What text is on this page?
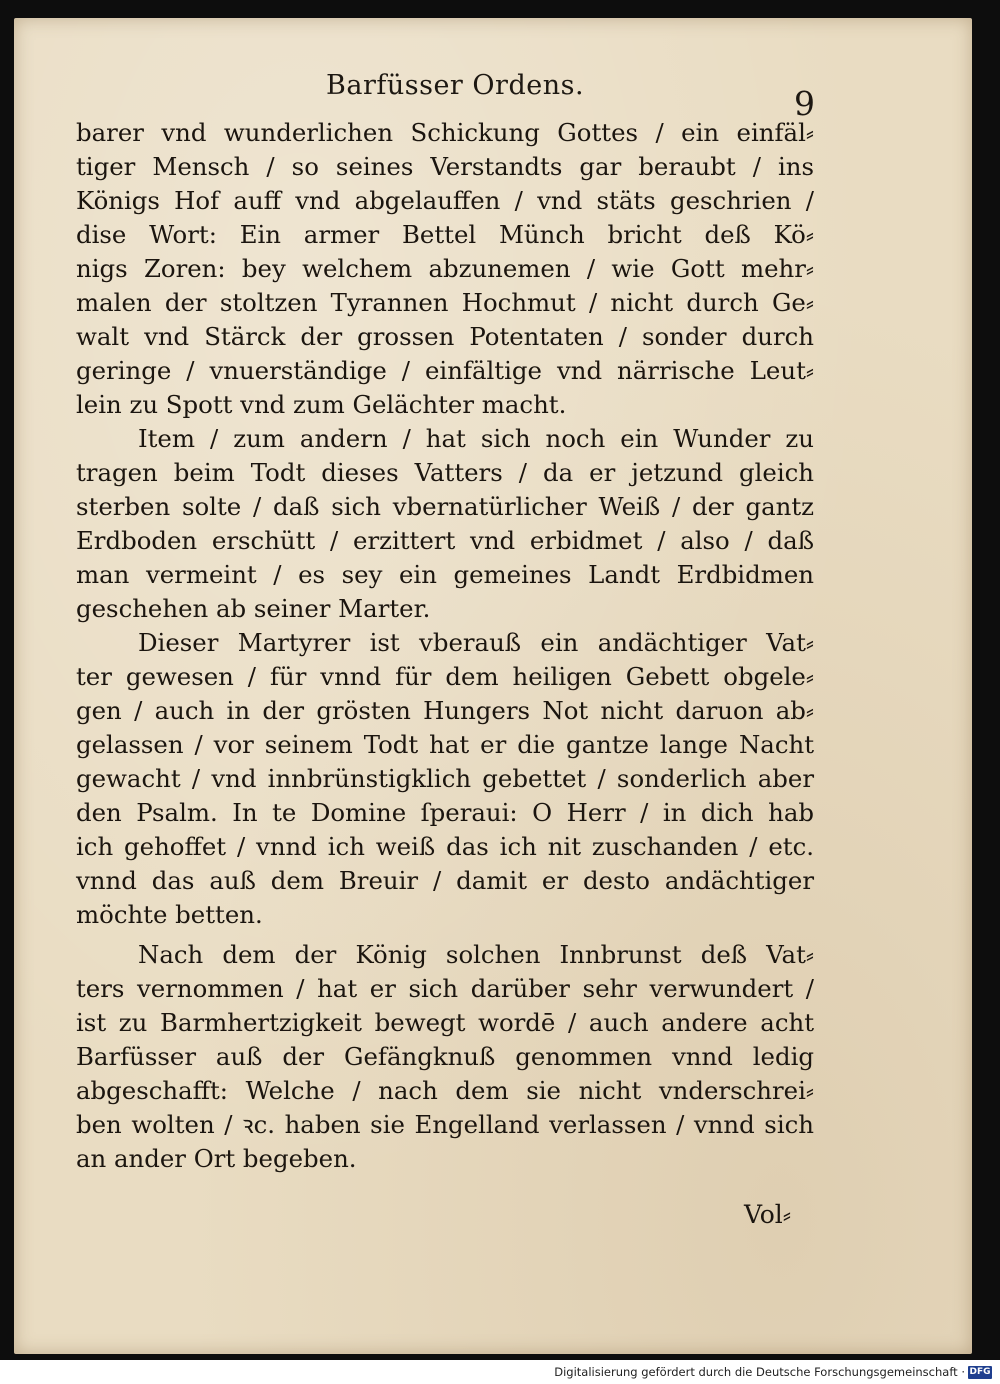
Barfüsser Ordens.	9
barer vnd wunderlichen Schickung Gottes / ein einfäl⸗
tiger Mensch / so seines Verstandts gar beraubt / ins
Königs Hof auff vnd abgelauffen / vnd stäts geschrien /
dise Wort: Ein armer Bettel Münch bricht deß Kö⸗
nigs Zoren: bey welchem abzunemen / wie Gott mehr⸗
malen der stoltzen Tyrannen Hochmut / nicht durch Ge⸗
walt vnd Stärck der grossen Potentaten / sonder durch
geringe / vnuerständige / einfältige vnd närrische Leut⸗
lein zu Spott vnd zum Gelächter macht.
Item / zum andern / hat sich noch ein Wunder zu
tragen beim Todt dieses Vatters / da er jetzund gleich
sterben solte / daß sich vbernatürlicher Weiß / der gantz
Erdboden erschütt / erzittert vnd erbidmet / also / daß
man vermeint / es sey ein gemeines Landt Erdbidmen
geschehen ab seiner Marter.
Dieser Martyrer ist vberauß ein andächtiger Vat⸗
ter gewesen / für vnnd für dem heiligen Gebett obgele⸗
gen / auch in der grösten Hungers Not nicht daruon ab⸗
gelassen / vor seinem Todt hat er die gantze lange Nacht
gewacht / vnd innbrünstigklich gebettet / sonderlich aber
den Psalm. In te Domine ſperaui: O Herr / in dich hab
ich gehoffet / vnnd ich weiß das ich nit zuschanden / etc.
vnnd das auß dem Breuir / damit er desto andächtiger
möchte betten.
Nach dem der König solchen Innbrunst deß Vat⸗
ters vernommen / hat er sich darüber sehr verwundert /
ist zu Barmhertzigkeit bewegt wordē / auch andere acht
Barfüsser auß der Gefängknuß genommen vnnd ledig
abgeschafft: Welche / nach dem sie nicht vnderschrei⸗
ben wolten / ꝛc. haben sie Engelland verlassen / vnnd sich
an ander Ort begeben.
Vol⸗
Digitalisierung gefördert durch die Deutsche Forschungsgemeinschaft · DFG
